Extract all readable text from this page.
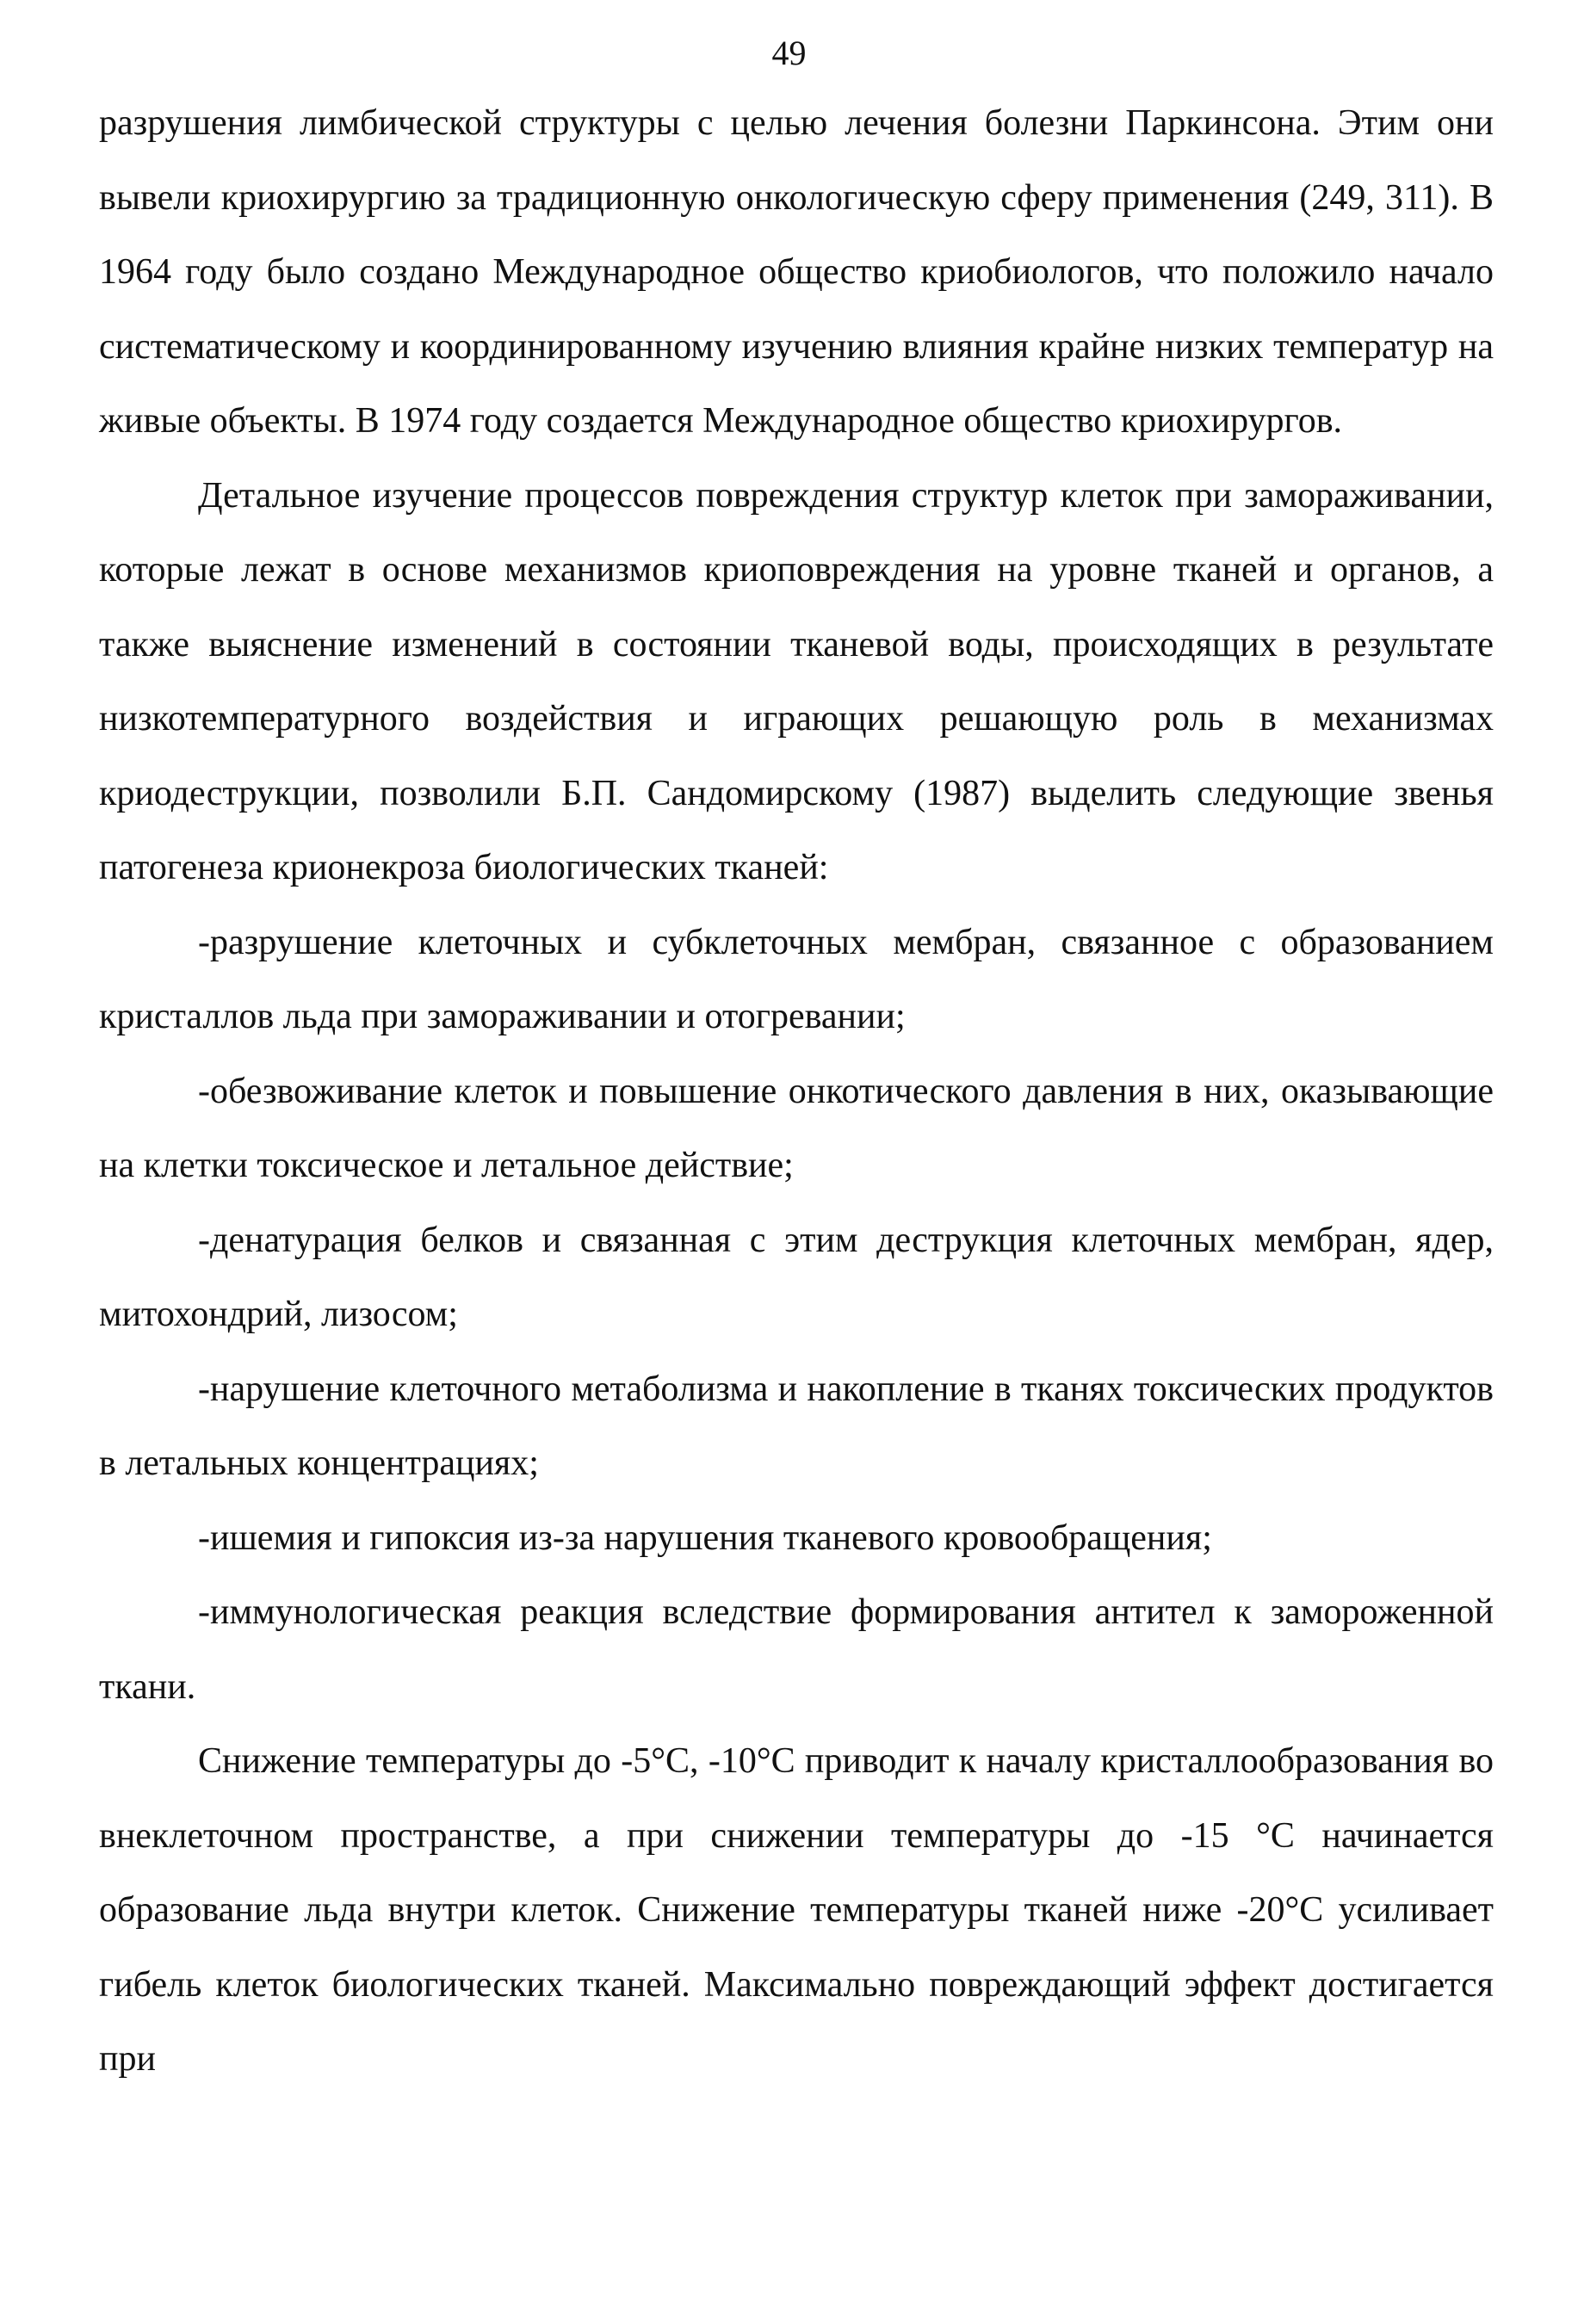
49

разрушения лимбической структуры с целью лечения болезни Паркинсона. Этим они вывели криохирургию за традиционную онкологическую сферу применения (249, 311). В 1964 году было создано Международное общество криобиологов, что положило начало систематическому и координированному изучению влияния крайне низких температур на живые объекты. В 1974 году создается Международное общество криохирургов.

Детальное изучение процессов повреждения структур клеток при замораживании, которые лежат в основе механизмов криоповреждения на уровне тканей и органов, а также выяснение изменений в состоянии тканевой воды, происходящих в результате низкотемпературного воздействия и играющих решающую роль в механизмах криодеструкции, позволили Б.П. Сандомирскому (1987) выделить следующие звенья патогенеза крионекроза биологических тканей:

-разрушение клеточных и субклеточных мембран, связанное с образованием кристаллов льда при замораживании и отогревании;

-обезвоживание клеток и повышение онкотического давления в них, оказывающие на клетки токсическое и летальное действие;

-денатурация белков и связанная с этим деструкция клеточных мембран, ядер, митохондрий, лизосом;

-нарушение клеточного метаболизма и накопление в тканях токсических продуктов в летальных концентрациях;

-ишемия и гипоксия из-за нарушения тканевого кровообращения;

-иммунологическая реакция вследствие формирования антител к замороженной ткани.

Снижение температуры до -5°C, -10°C приводит к началу кристаллообразования во внеклеточном пространстве, а при снижении температуры до -15 °C начинается образование льда внутри клеток. Снижение температуры тканей ниже -20°C усиливает гибель клеток биологических тканей. Максимально повреждающий эффект достигается при
